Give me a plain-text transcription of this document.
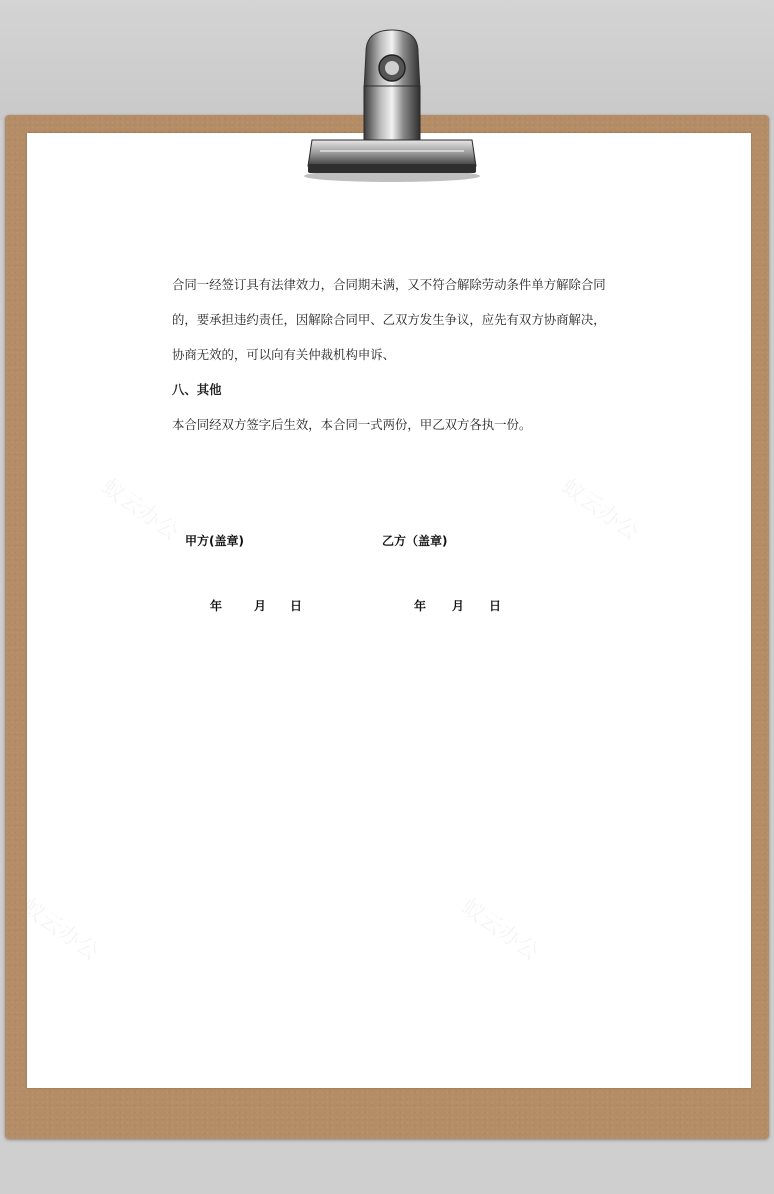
合同一经签订具有法律效力，合同期未满，又不符合解除劳动条件单方解除合同

的，要承担违约责任，因解除合同甲、乙双方发生争议，应先有双方协商解决，

协商无效的，可以向有关仲裁机构申诉、

八、其他

本合同经双方签字后生效，本合同一式两份，甲乙双方各执一份。

甲方(盖章)	乙方（盖章)
年	月 日	年 月 日
